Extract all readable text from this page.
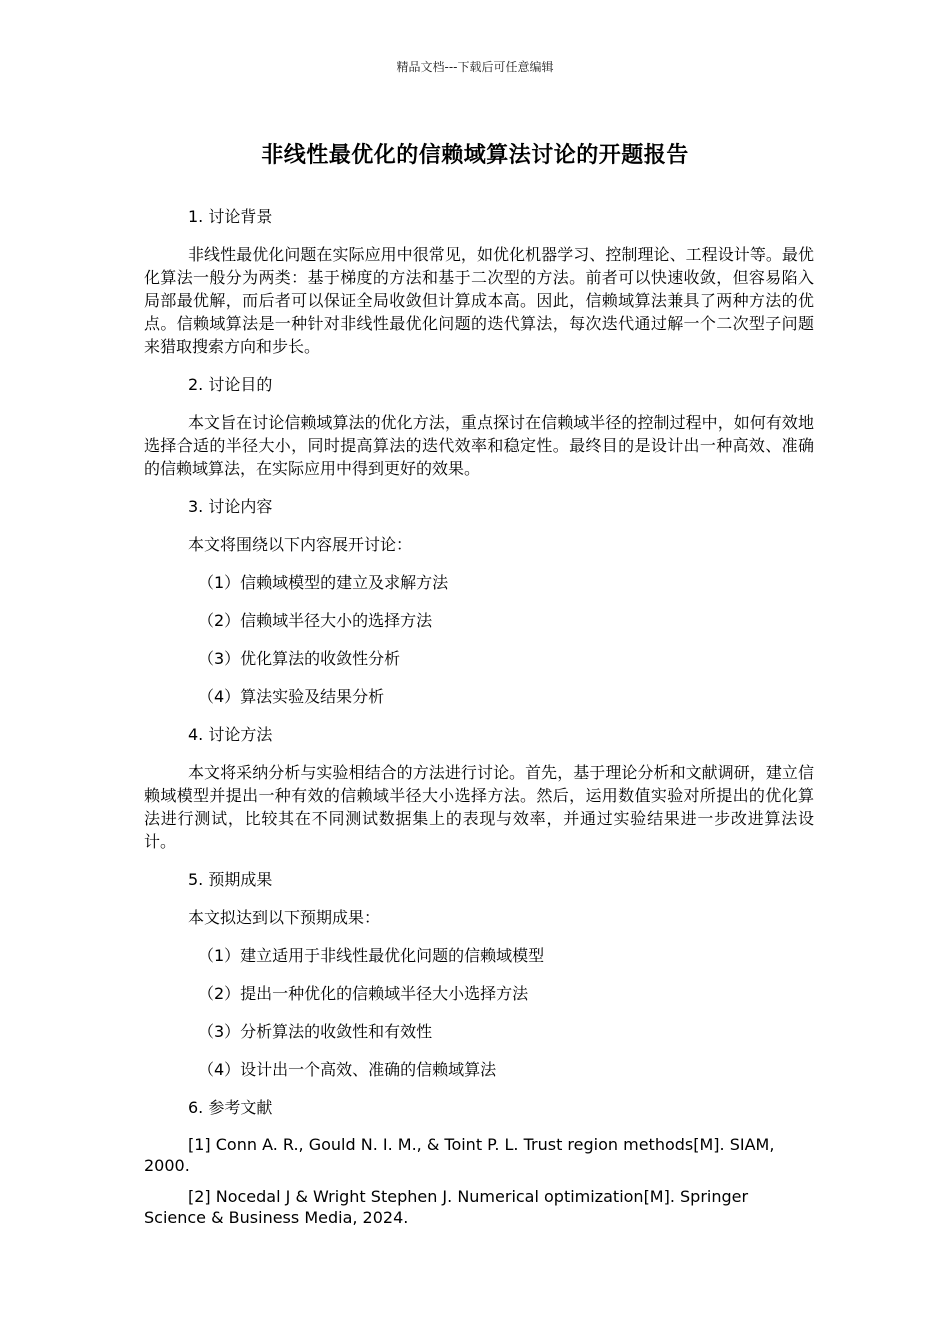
精品文档---下载后可任意编辑
非线性最优化的信赖域算法讨论的开题报告

1. 讨论背景

非线性最优化问题在实际应用中很常见，如优化机器学习、控制理论、工程设计等。最优化算法一般分为两类：基于梯度的方法和基于二次型的方法。前者可以快速收敛，但容易陷入局部最优解，而后者可以保证全局收敛但计算成本高。因此，信赖域算法兼具了两种方法的优点。信赖域算法是一种针对非线性最优化问题的迭代算法，每次迭代通过解一个二次型子问题来猎取搜索方向和步长。

2. 讨论目的

本文旨在讨论信赖域算法的优化方法，重点探讨在信赖域半径的控制过程中，如何有效地选择合适的半径大小，同时提高算法的迭代效率和稳定性。最终目的是设计出一种高效、准确的信赖域算法，在实际应用中得到更好的效果。

3. 讨论内容

本文将围绕以下内容展开讨论：

（1）信赖域模型的建立及求解方法

（2）信赖域半径大小的选择方法

（3）优化算法的收敛性分析

（4）算法实验及结果分析

4. 讨论方法

本文将采纳分析与实验相结合的方法进行讨论。首先，基于理论分析和文献调研，建立信赖域模型并提出一种有效的信赖域半径大小选择方法。然后，运用数值实验对所提出的优化算法进行测试，比较其在不同测试数据集上的表现与效率，并通过实验结果进一步改进算法设计。

5. 预期成果

本文拟达到以下预期成果：

（1）建立适用于非线性最优化问题的信赖域模型

（2）提出一种优化的信赖域半径大小选择方法

（3）分析算法的收敛性和有效性

（4）设计出一个高效、准确的信赖域算法

6. 参考文献

[1] Conn A. R., Gould N. I. M., & Toint P. L. Trust region methods[M]. SIAM, 2000.

[2] Nocedal J & Wright Stephen J. Numerical optimization[M]. Springer Science & Business Media, 2024.
